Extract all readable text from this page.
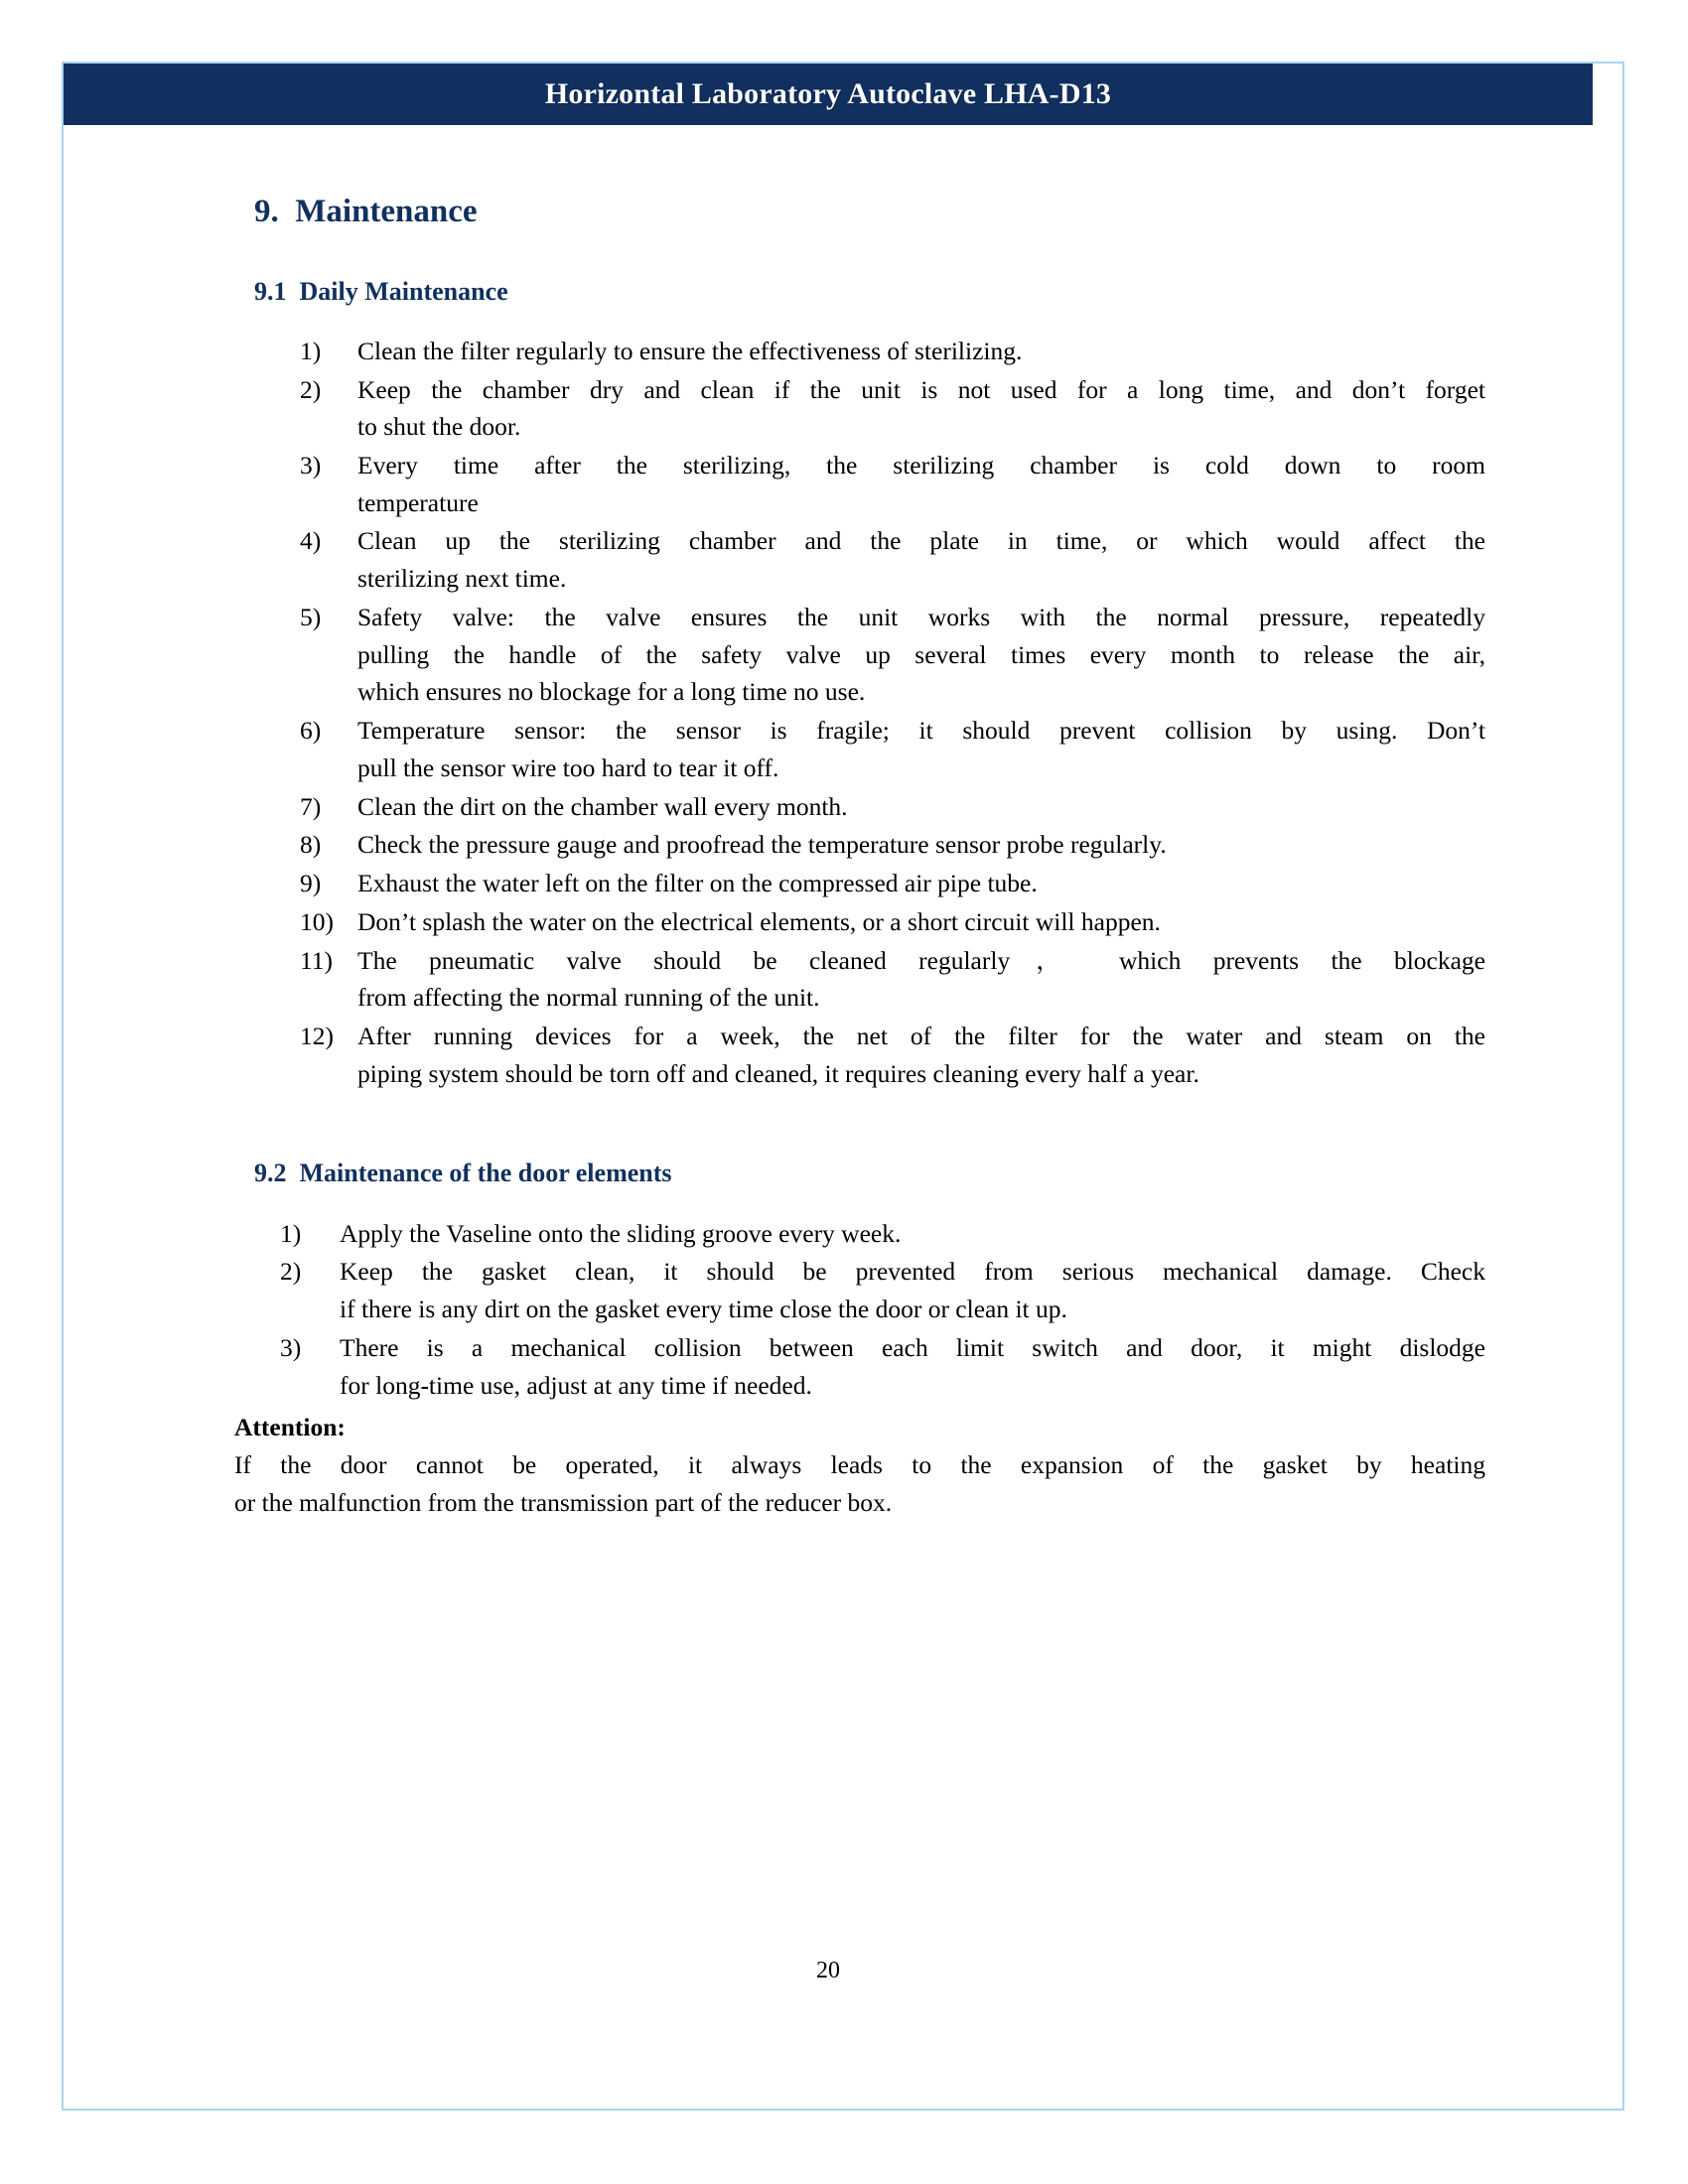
Horizontal Laboratory Autoclave LHA-D13
9.  Maintenance
9.1  Daily Maintenance
1)	Clean the filter regularly to ensure the effectiveness of sterilizing.
2)	Keep the chamber dry and clean if the unit is not used for a long time, and don’t forget
to shut the door.
3)	Every time after the sterilizing, the sterilizing chamber is cold down to room
temperature
4)	Clean up the sterilizing chamber and the plate in time, or which would affect the
sterilizing next time.
5)	Safety valve: the valve ensures the unit works with the normal pressure, repeatedly
pulling the handle of the safety valve up several times every month to release the air,
which ensures no blockage for a long time no use.
6)	Temperature sensor: the sensor is fragile; it should prevent collision by using. Don’t
pull the sensor wire too hard to tear it off.
7)	Clean the dirt on the chamber wall every month.
8)	Check the pressure gauge and proofread the temperature sensor probe regularly.
9)	Exhaust the water left on the filter on the compressed air pipe tube.
10) Don’t splash the water on the electrical elements, or a short circuit will happen.
11) The pneumatic valve should be cleaned regularly， which prevents the blockage
from affecting the normal running of the unit.
12) After running devices for a week, the net of the filter for the water and steam on the
piping system should be torn off and cleaned, it requires cleaning every half a year.
9.2  Maintenance of the door elements
1)	Apply the Vaseline onto the sliding groove every week.
2)	Keep the gasket clean, it should be prevented from serious mechanical damage. Check
if there is any dirt on the gasket every time close the door or clean it up.
3)	There is a mechanical collision between each limit switch and door, it might dislodge
for long-time use, adjust at any time if needed.
Attention:
If the door cannot be operated, it always leads to the expansion of the gasket by heating
or the malfunction from the transmission part of the reducer box.
20
